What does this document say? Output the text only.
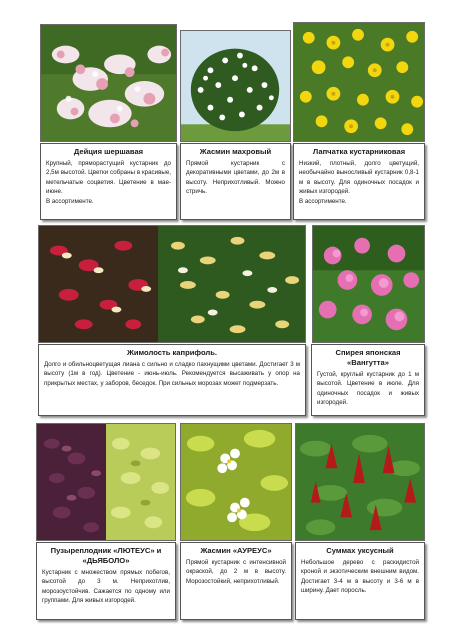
Дейция шершавая

Крупный, пряморастущий кустарник до 2,5м высотой. Цветки собраны в красивые, метельчатые соцветия. Цветение в мае-июне.

В ассортименте.

Жасмин махровый

Прямой кустарник с декоративными цветами, до 2м в высоту. Неприхотливый. Можно стричь.

Лапчатка кустарниковая

Низкий, плотный, долго цветущий, необычайно выносливый кустарник 0,8-1 м в высоту. Для одиночных посадок и живых изгородей.

В ассортименте.

Жимолость каприфоль.

Долго и обильноцветущая лиана с сильно и сладко пахнущими цветами. Достигает 3 м высоту (1м в год). Цветение - июнь-июль. Рекомендуется высаживать у опор на прикрытых местах, у заборов, беседок. При сильных морозах может подмерзать.

Спирея японская «Вангутта»

Густой, круглый кустарник до 1 м высотой. Цветение в июле. Для одиночных посадок и живых изгородей.

Пузыреплодник «ЛЮТЕУС» и «ДЬЯБОЛО»

Кустарник с множеством прямых побегов, высотой до 3 м. Неприхотлив, морозоустойчив. Сажается по одному или группами. Для живых изгородей.

Жасмин «АУРЕУС»

Прямой кустарник с интенсивной окраской, до 2 м в высоту. Морозостойкий, неприхотливый.

Суммах уксусный

Небольшое дерево с раскидистой кроной и экзотическим внешним видом. Достигает 3-4 м в высоту и 3-6 м в ширину. Дает поросль.
